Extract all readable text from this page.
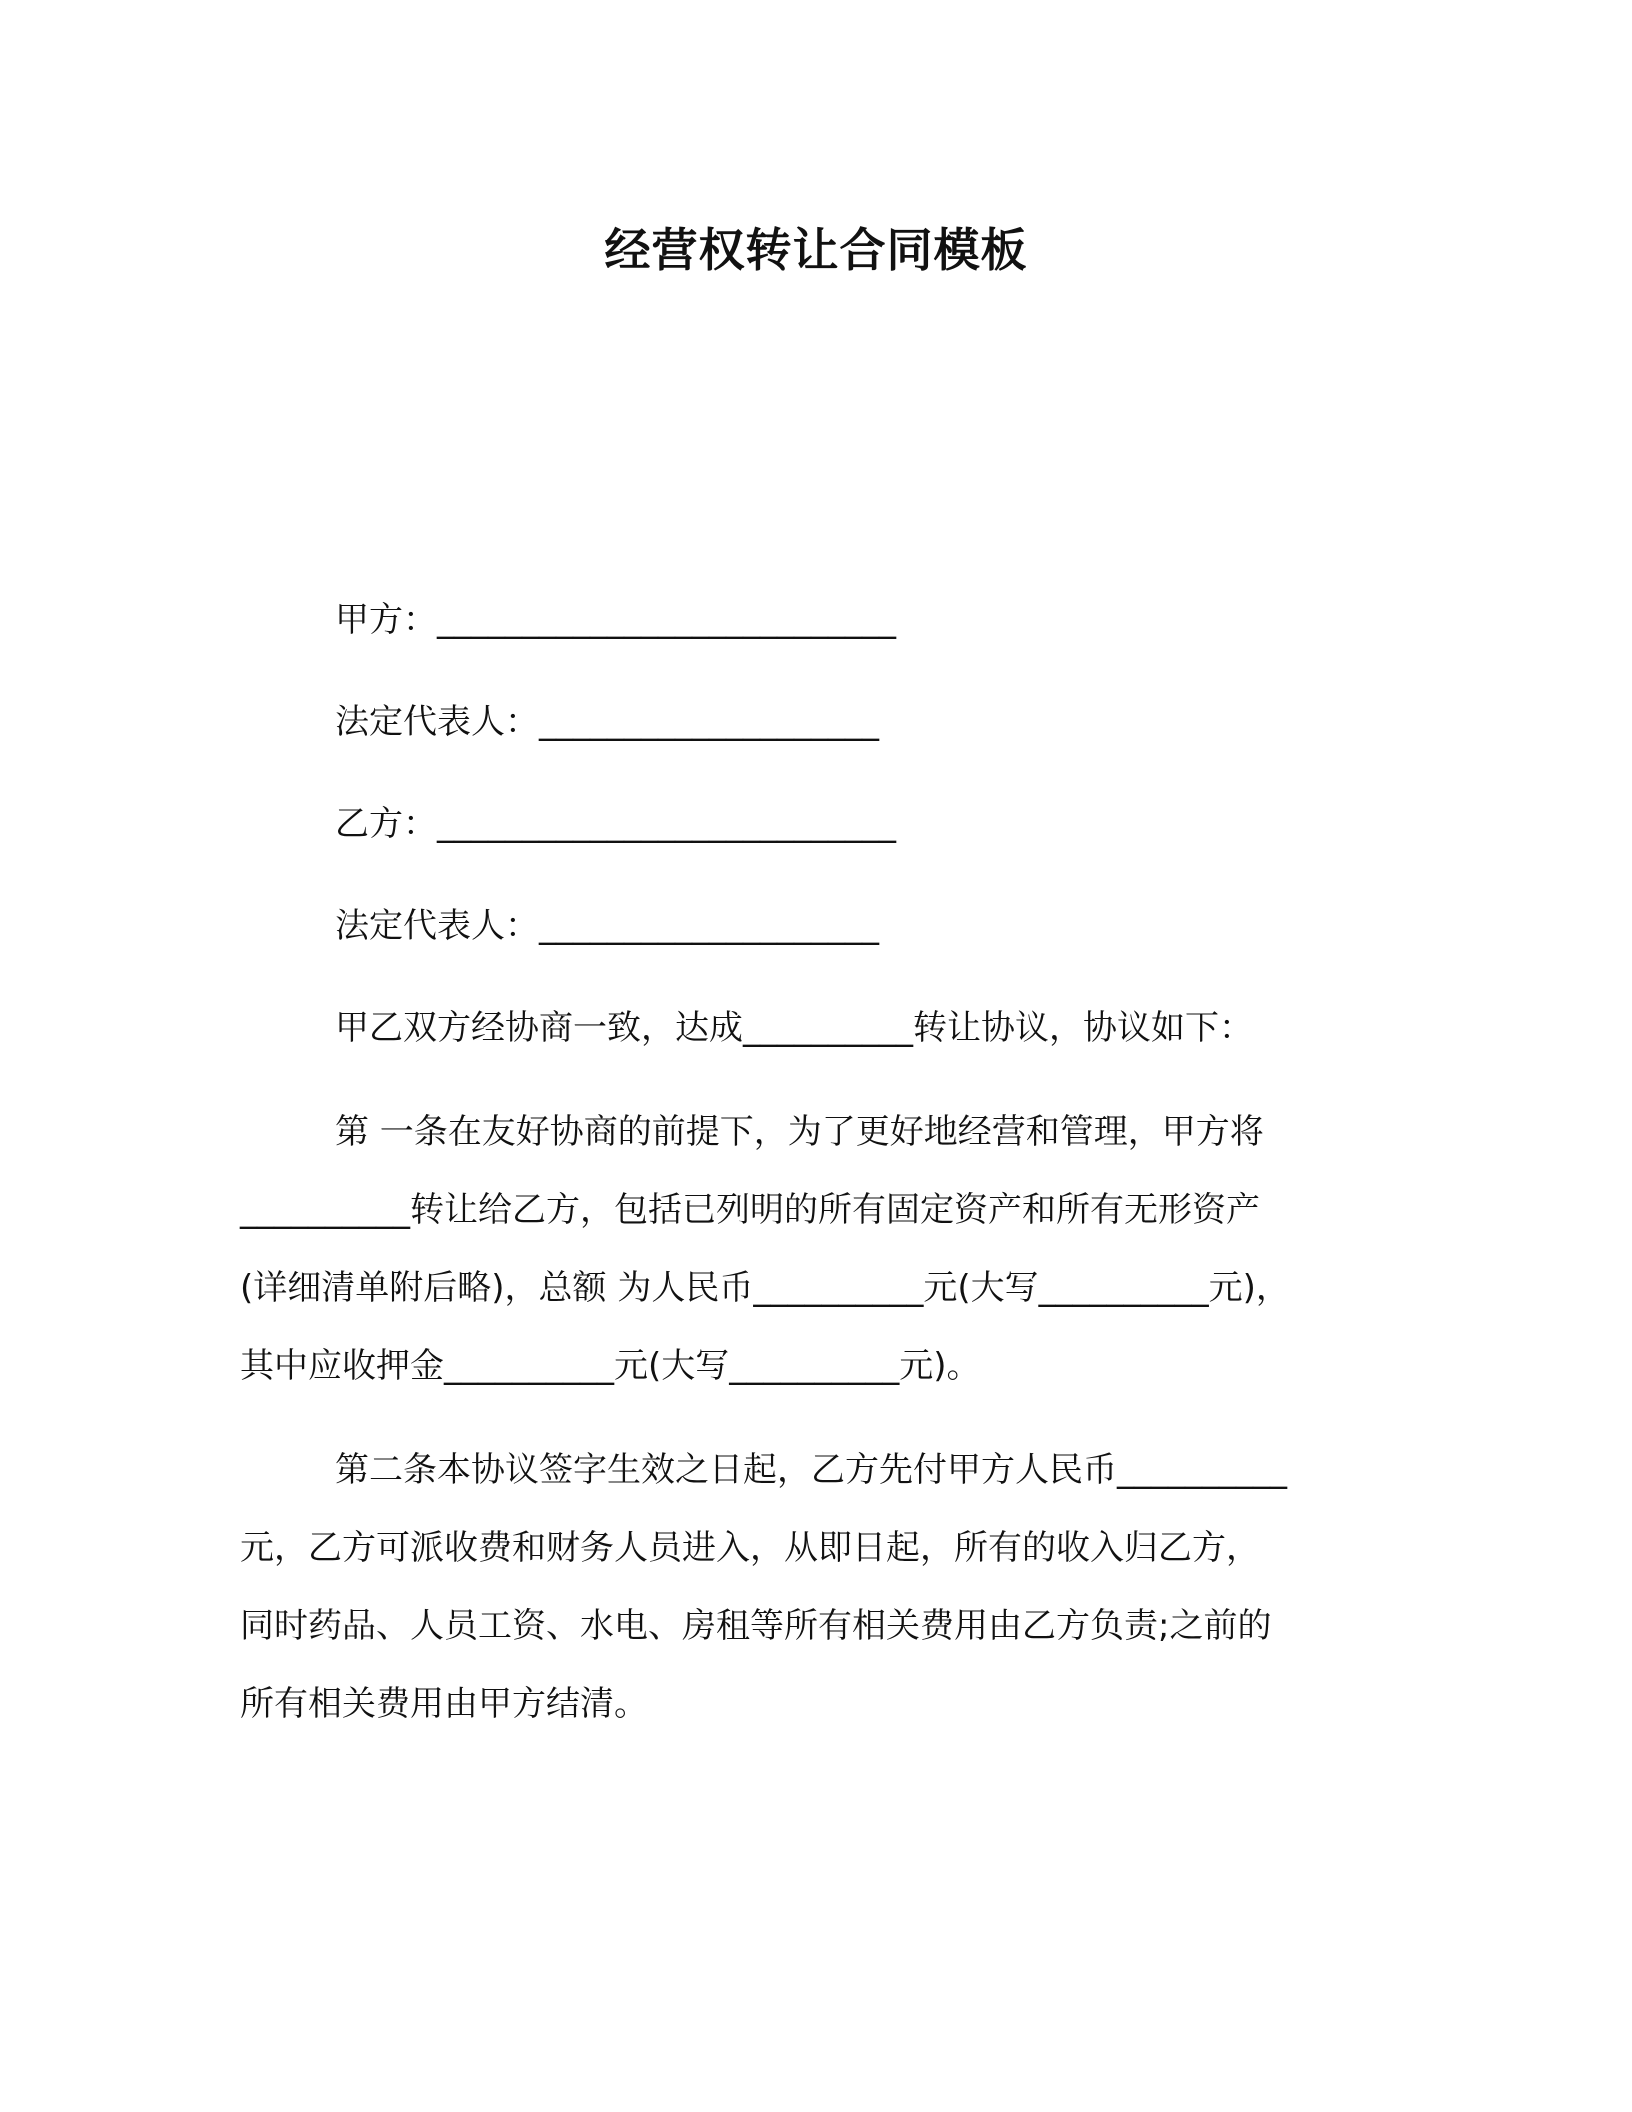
经营权转让合同模板
甲方：___________________________
法定代表人：____________________
乙方：___________________________
法定代表人：____________________
甲乙双方经协商一致，达成__________转让协议，协议如下：
第 一条在友好协商的前提下，为了更好地经营和管理，甲方将
__________转让给乙方，包括已列明的所有固定资产和所有无形资产
(详细清单附后略)，总额 为人民币__________元(大写__________元)，
其中应收押金__________元(大写__________元)。
第二条本协议签字生效之日起，乙方先付甲方人民币__________
元，乙方可派收费和财务人员进入，从即日起，所有的收入归乙方，
同时药品、人员工资、水电、房租等所有相关费用由乙方负责;之前的
所有相关费用由甲方结清。
